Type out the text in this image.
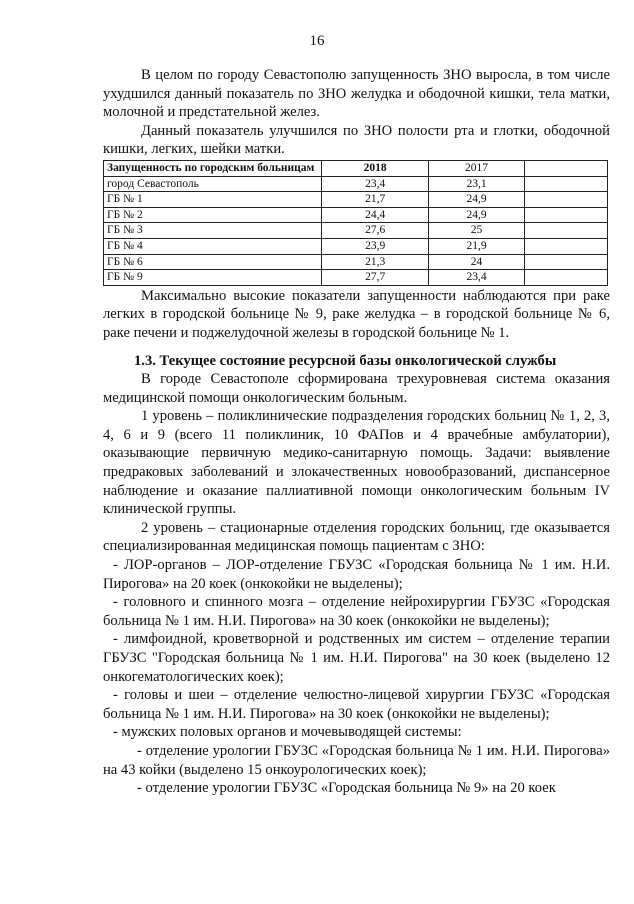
16

В целом по городу Севастополю запущенность ЗНО выросла, в том числе ухудшился данный показатель по ЗНО желудка и ободочной кишки, тела матки, молочной и предстательной желез.

Данный показатель улучшился по ЗНО полости рта и глотки, ободочной кишки, легких, шейки матки.

Запущенность по городским больницам	2018	2017	
город Севастополь	23,4	23,1	
ГБ № 1	21,7	24,9	
ГБ № 2	24,4	24,9	
ГБ № 3	27,6	25	
ГБ № 4	23,9	21,9	
ГБ № 6	21,3	24	
ГБ № 9	27,7	23,4	

Максимально высокие показатели запущенности наблюдаются при раке легких в городской больнице № 9, раке желудка – в городской больнице № 6, раке печени и поджелудочной железы в городской больнице № 1.

1.3. Текущее состояние ресурсной базы онкологической службы

В городе Севастополе сформирована трехуровневая система оказания медицинской помощи онкологическим больным.

1 уровень – поликлинические подразделения городских больниц № 1, 2, 3, 4, 6 и 9 (всего 11 поликлиник, 10 ФАПов и 4 врачебные амбулатории), оказывающие первичную медико-санитарную помощь. Задачи: выявление предраковых заболеваний и злокачественных новообразований, диспансерное наблюдение и оказание паллиативной помощи онкологическим больным IV клинической группы.

2 уровень – стационарные отделения городских больниц, где оказывается специализированная медицинская помощь пациентам с ЗНО:

- ЛОР-органов – ЛОР-отделение ГБУЗС «Городская больница № 1 им. Н.И. Пирогова» на 20 коек (онкокойки не выделены);

- головного и спинного мозга – отделение нейрохирургии ГБУЗС «Городская больница № 1 им. Н.И. Пирогова» на 30 коек (онкокойки не выделены);

- лимфоидной, кроветворной и родственных им систем – отделение терапии ГБУЗС "Городская больница № 1 им. Н.И. Пирогова" на 30 коек (выделено 12 онкогематологических коек);

- головы и шеи – отделение челюстно-лицевой хирургии ГБУЗС «Городская больница № 1 им. Н.И. Пирогова» на 30 коек (онкокойки не выделены);

- мужских половых органов и мочевыводящей системы:

- отделение урологии ГБУЗС «Городская больница № 1 им. Н.И. Пирогова» на 43 койки (выделено 15 онкоурологических коек);

- отделение урологии ГБУЗС «Городская больница № 9» на 20 коек
